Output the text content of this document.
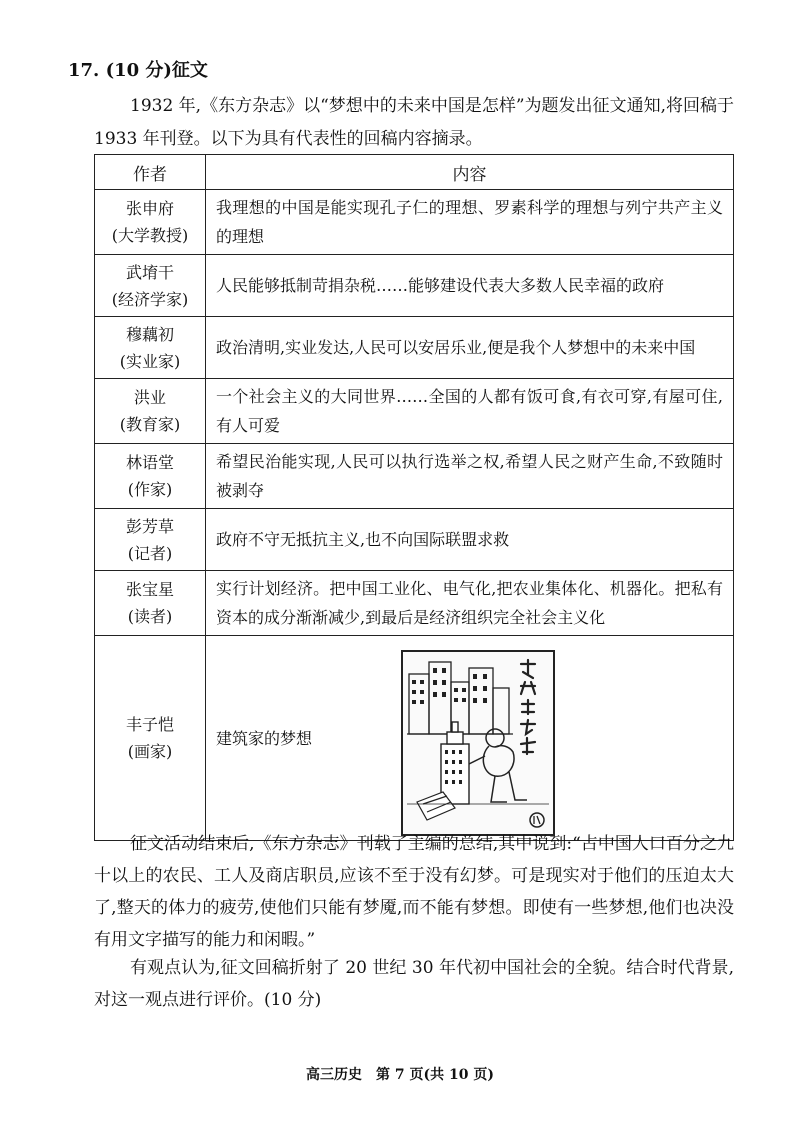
17. (10 分)征文
1932 年,《东方杂志》以“梦想中的未来中国是怎样”为题发出征文通知,将回稿于 1933 年刊登。以下为具有代表性的回稿内容摘录。
作者	内容
张申府
(大学教授)	我理想的中国是能实现孔子仁的理想、罗素科学的理想与列宁共产主义的理想
武堉干
(经济学家)	人民能够抵制苛捐杂税……能够建设代表大多数人民幸福的政府
穆藕初
(实业家)	政治清明,实业发达,人民可以安居乐业,便是我个人梦想中的未来中国
洪业
(教育家)	一个社会主义的大同世界……全国的人都有饭可食,有衣可穿,有屋可住,有人可爱
林语堂
(作家)	希望民治能实现,人民可以执行选举之权,希望人民之财产生命,不致随时被剥夺
彭芳草
(记者)	政府不守无抵抗主义,也不向国际联盟求救
张宝星
(读者)	实行计划经济。把中国工业化、电气化,把农业集体化、机器化。把私有资本的成分渐渐减少,到最后是经济组织完全社会主义化
丰子恺
(画家)	建筑家的梦想
征文活动结束后,《东方杂志》刊载了主编的总结,其中说到:“占中国人口百分之九十以上的农民、工人及商店职员,应该不至于没有幻梦。可是现实对于他们的压迫太大了,整天的体力的疲劳,使他们只能有梦魇,而不能有梦想。即使有一些梦想,他们也决没有用文字描写的能力和闲暇。”
有观点认为,征文回稿折射了 20 世纪 30 年代初中国社会的全貌。结合时代背景,对这一观点进行评价。(10 分)
高三历史　第 7 页(共 10 页)
